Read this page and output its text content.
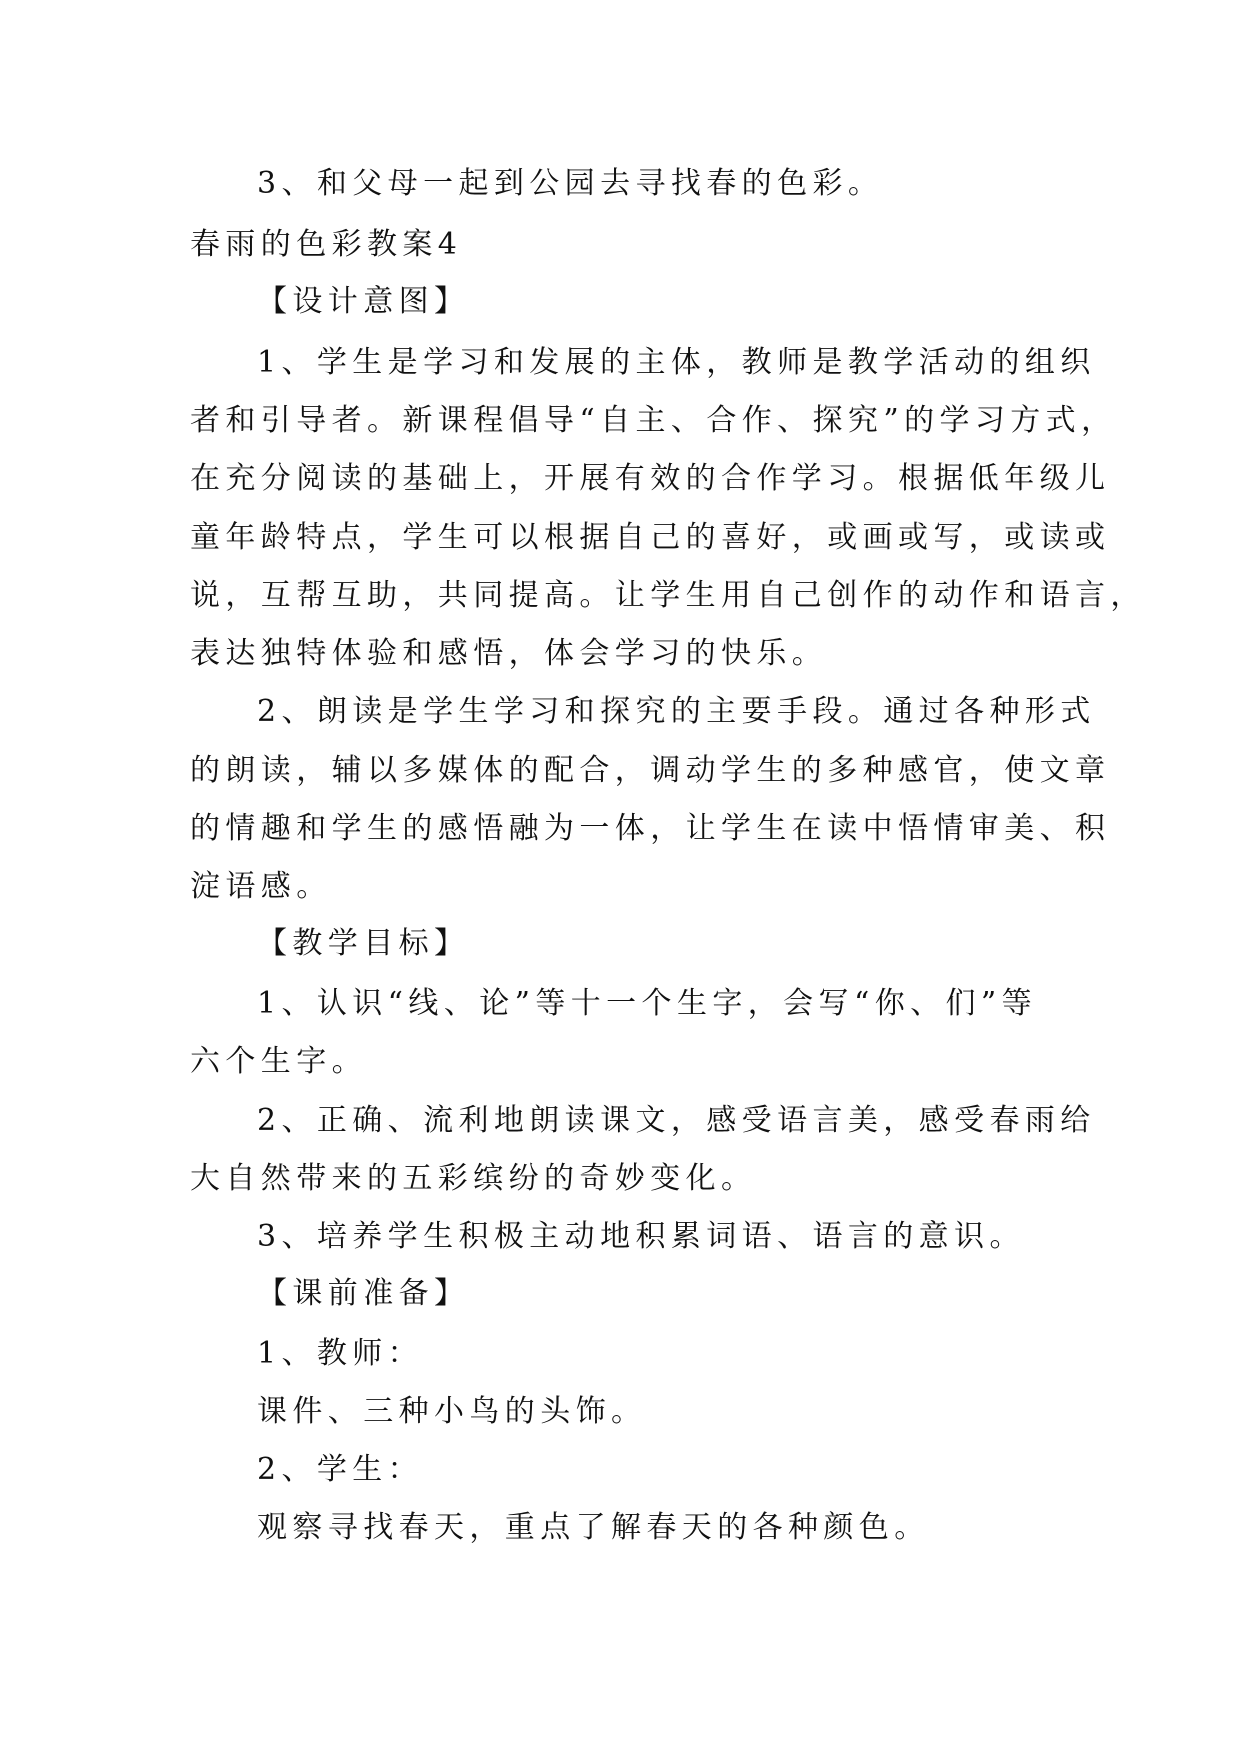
3、和父母一起到公园去寻找春的色彩。
春雨的色彩教案4
【设计意图】
1、学生是学习和发展的主体，教师是教学活动的组织
者和引导者。新课程倡导“自主、合作、探究”的学习方式，
在充分阅读的基础上，开展有效的合作学习。根据低年级儿
童年龄特点，学生可以根据自己的喜好，或画或写，或读或
说，互帮互助，共同提高。让学生用自己创作的动作和语言，
表达独特体验和感悟，体会学习的快乐。
2、朗读是学生学习和探究的主要手段。通过各种形式
的朗读，辅以多媒体的配合，调动学生的多种感官，使文章
的情趣和学生的感悟融为一体，让学生在读中悟情审美、积
淀语感。
【教学目标】
1、认识“线、论”等十一个生字，会写“你、们”等
六个生字。
2、正确、流利地朗读课文，感受语言美，感受春雨给
大自然带来的五彩缤纷的奇妙变化。
3、培养学生积极主动地积累词语、语言的意识。
【课前准备】
1、教师：
课件、三种小鸟的头饰。
2、学生：
观察寻找春天，重点了解春天的各种颜色。
